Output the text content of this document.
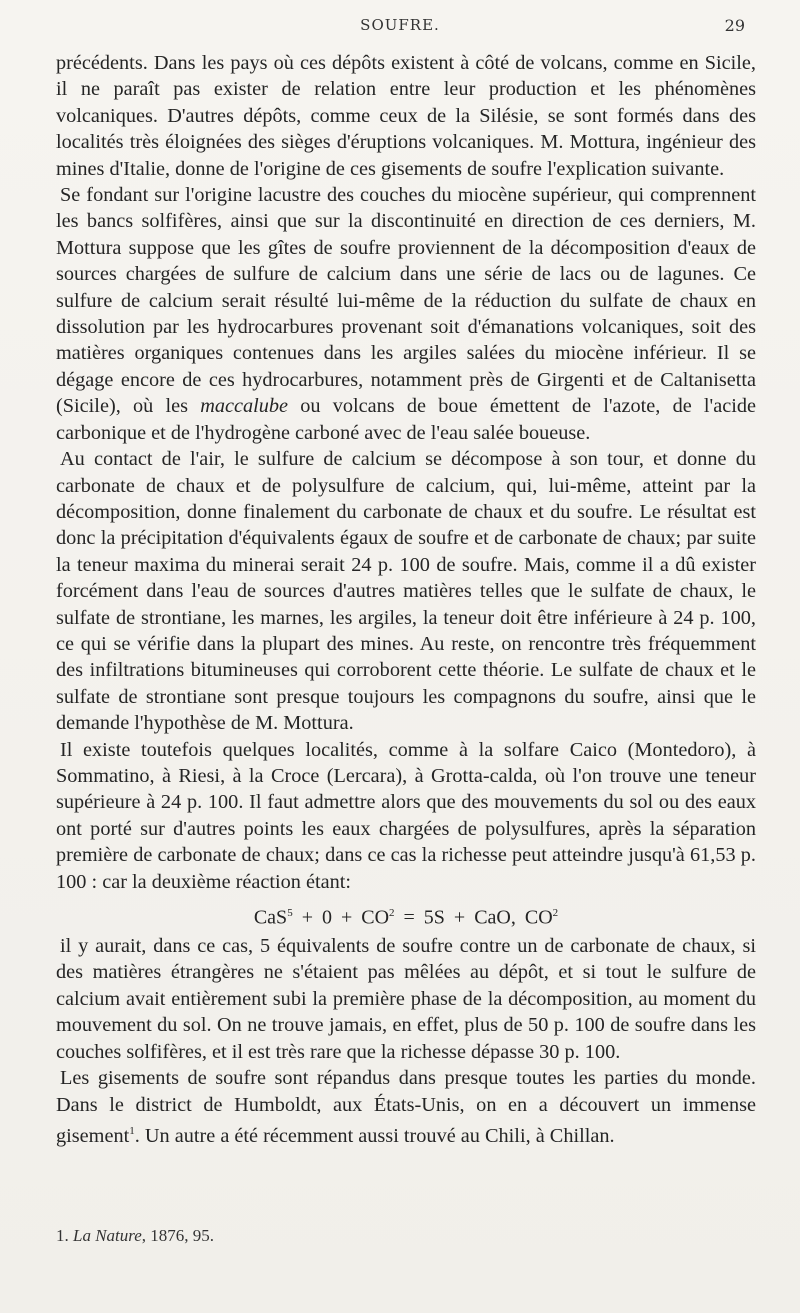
SOUFRE.	29

précédents. Dans les pays où ces dépôts existent à côté de volcans, comme en Sicile, il ne paraît pas exister de relation entre leur production et les phénomènes volcaniques. D'autres dépôts, comme ceux de la Silésie, se sont formés dans des localités très éloignées des sièges d'éruptions volcaniques. M. Mottura, ingénieur des mines d'Italie, donne de l'origine de ces gisements de soufre l'explication suivante.

Se fondant sur l'origine lacustre des couches du miocène supérieur, qui comprennent les bancs solfifères, ainsi que sur la discontinuité en direction de ces derniers, M. Mottura suppose que les gîtes de soufre proviennent de la décomposition d'eaux de sources chargées de sulfure de calcium dans une série de lacs ou de lagunes. Ce sulfure de calcium serait résulté lui-même de la réduction du sulfate de chaux en dissolution par les hydrocarbures provenant soit d'émanations volcaniques, soit des matières organiques contenues dans les argiles salées du miocène inférieur. Il se dégage encore de ces hydrocarbures, notamment près de Girgenti et de Caltanisetta (Sicile), où les maccalube ou volcans de boue émettent de l'azote, de l'acide carbonique et de l'hydrogène carboné avec de l'eau salée boueuse.

Au contact de l'air, le sulfure de calcium se décompose à son tour, et donne du carbonate de chaux et de polysulfure de calcium, qui, lui-même, atteint par la décomposition, donne finalement du carbonate de chaux et du soufre. Le résultat est donc la précipitation d'équivalents égaux de soufre et de carbonate de chaux; par suite la teneur maxima du minerai serait 24 p. 100 de soufre. Mais, comme il a dû exister forcément dans l'eau de sources d'autres matières telles que le sulfate de chaux, le sulfate de strontiane, les marnes, les argiles, la teneur doit être inférieure à 24 p. 100, ce qui se vérifie dans la plupart des mines. Au reste, on rencontre très fréquemment des infiltrations bitumineuses qui corroborent cette théorie. Le sulfate de chaux et le sulfate de strontiane sont presque toujours les compagnons du soufre, ainsi que le demande l'hypothèse de M. Mottura.

Il existe toutefois quelques localités, comme à la solfare Caico (Montedoro), à Sommatino, à Riesi, à la Croce (Lercara), à Grotta-calda, où l'on trouve une teneur supérieure à 24 p. 100. Il faut admettre alors que des mouvements du sol ou des eaux ont porté sur d'autres points les eaux chargées de polysulfures, après la séparation première de carbonate de chaux; dans ce cas la richesse peut atteindre jusqu'à 61,53 p. 100 : car la deuxième réaction étant:

$CaS^5 + 0 + CO^2 = 5S$ + CaO, $CO^2$

il y aurait, dans ce cas, 5 équivalents de soufre contre un de carbonate de chaux, si des matières étrangères ne s'étaient pas mêlées au dépôt, et si tout le sulfure de calcium avait entièrement subi la première phase de la décomposition, au moment du mouvement du sol. On ne trouve jamais, en effet, plus de 50 p. 100 de soufre dans les couches solfifères, et il est très rare que la richesse dépasse 30 p. 100.

Les gisements de soufre sont répandus dans presque toutes les parties du monde. Dans le district de Humboldt, aux États-Unis, on en a découvert un immense gisement$^1$. Un autre a été récemment aussi trouvé au Chili, à Chillan.

1. La Nature, 1876, 95.
